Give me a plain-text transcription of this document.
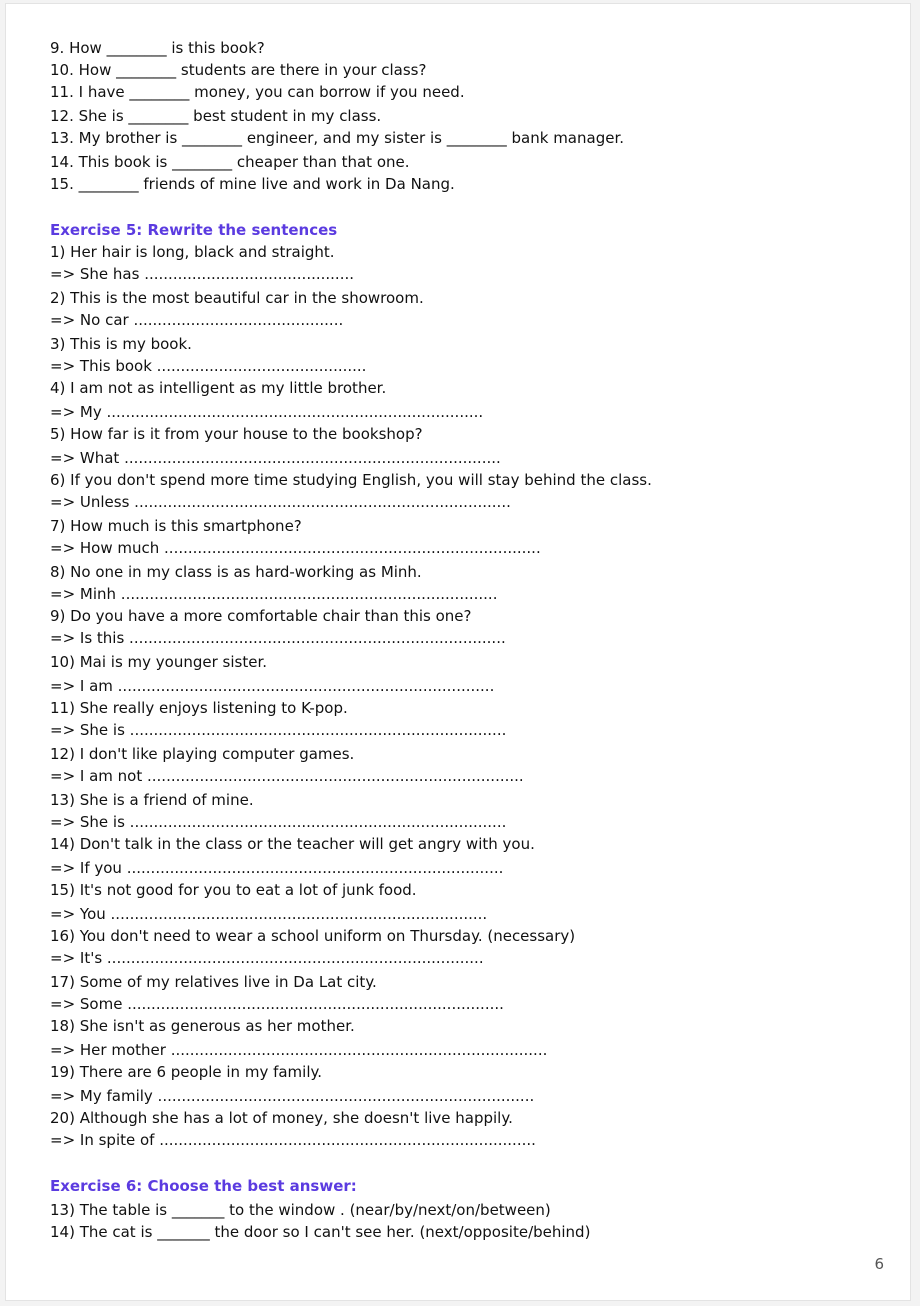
9. How ________ is this book?
10. How ________ students are there in your class?
11. I have ________ money, you can borrow if you need.
12. She is ________ best student in my class.
13. My brother is ________ engineer, and my sister is ________ bank manager.
14. This book is ________ cheaper than that one.
15. ________ friends of mine live and work in Da Nang.
Exercise 5: Rewrite the sentences
1) Her hair is long, black and straight.
=> She has ............................................
2) This is the most beautiful car in the showroom.
=> No car ............................................
3) This is my book.
=> This book ............................................
4) I am not as intelligent as my little brother.
=> My ...............................................................................
5) How far is it from your house to the bookshop?
=> What ...............................................................................
6) If you don't spend more time studying English, you will stay behind the class.
=> Unless ...............................................................................
7) How much is this smartphone?
=> How much ...............................................................................
8) No one in my class is as hard-working as Minh.
=> Minh ...............................................................................
9) Do you have a more comfortable chair than this one?
=> Is this ...............................................................................
10) Mai is my younger sister.
=> I am ...............................................................................
11) She really enjoys listening to K-pop.
=> She is ...............................................................................
12) I don't like playing computer games.
=> I am not ...............................................................................
13) She is a friend of mine.
=> She is ...............................................................................
14) Don't talk in the class or the teacher will get angry with you.
=> If you ...............................................................................
15) It's not good for you to eat a lot of junk food.
=> You ...............................................................................
16) You don't need to wear a school uniform on Thursday. (necessary)
=> It's ...............................................................................
17) Some of my relatives live in Da Lat city.
=> Some ...............................................................................
18) She isn't as generous as her mother.
=> Her mother ...............................................................................
19) There are 6 people in my family.
=> My family ...............................................................................
20) Although she has a lot of money, she doesn't live happily.
=> In spite of ...............................................................................
Exercise 6: Choose the best answer:
13) The table is _______ to the window . (near/by/next/on/between)
14) The cat is _______ the door so I can't see her. (next/opposite/behind)
6
